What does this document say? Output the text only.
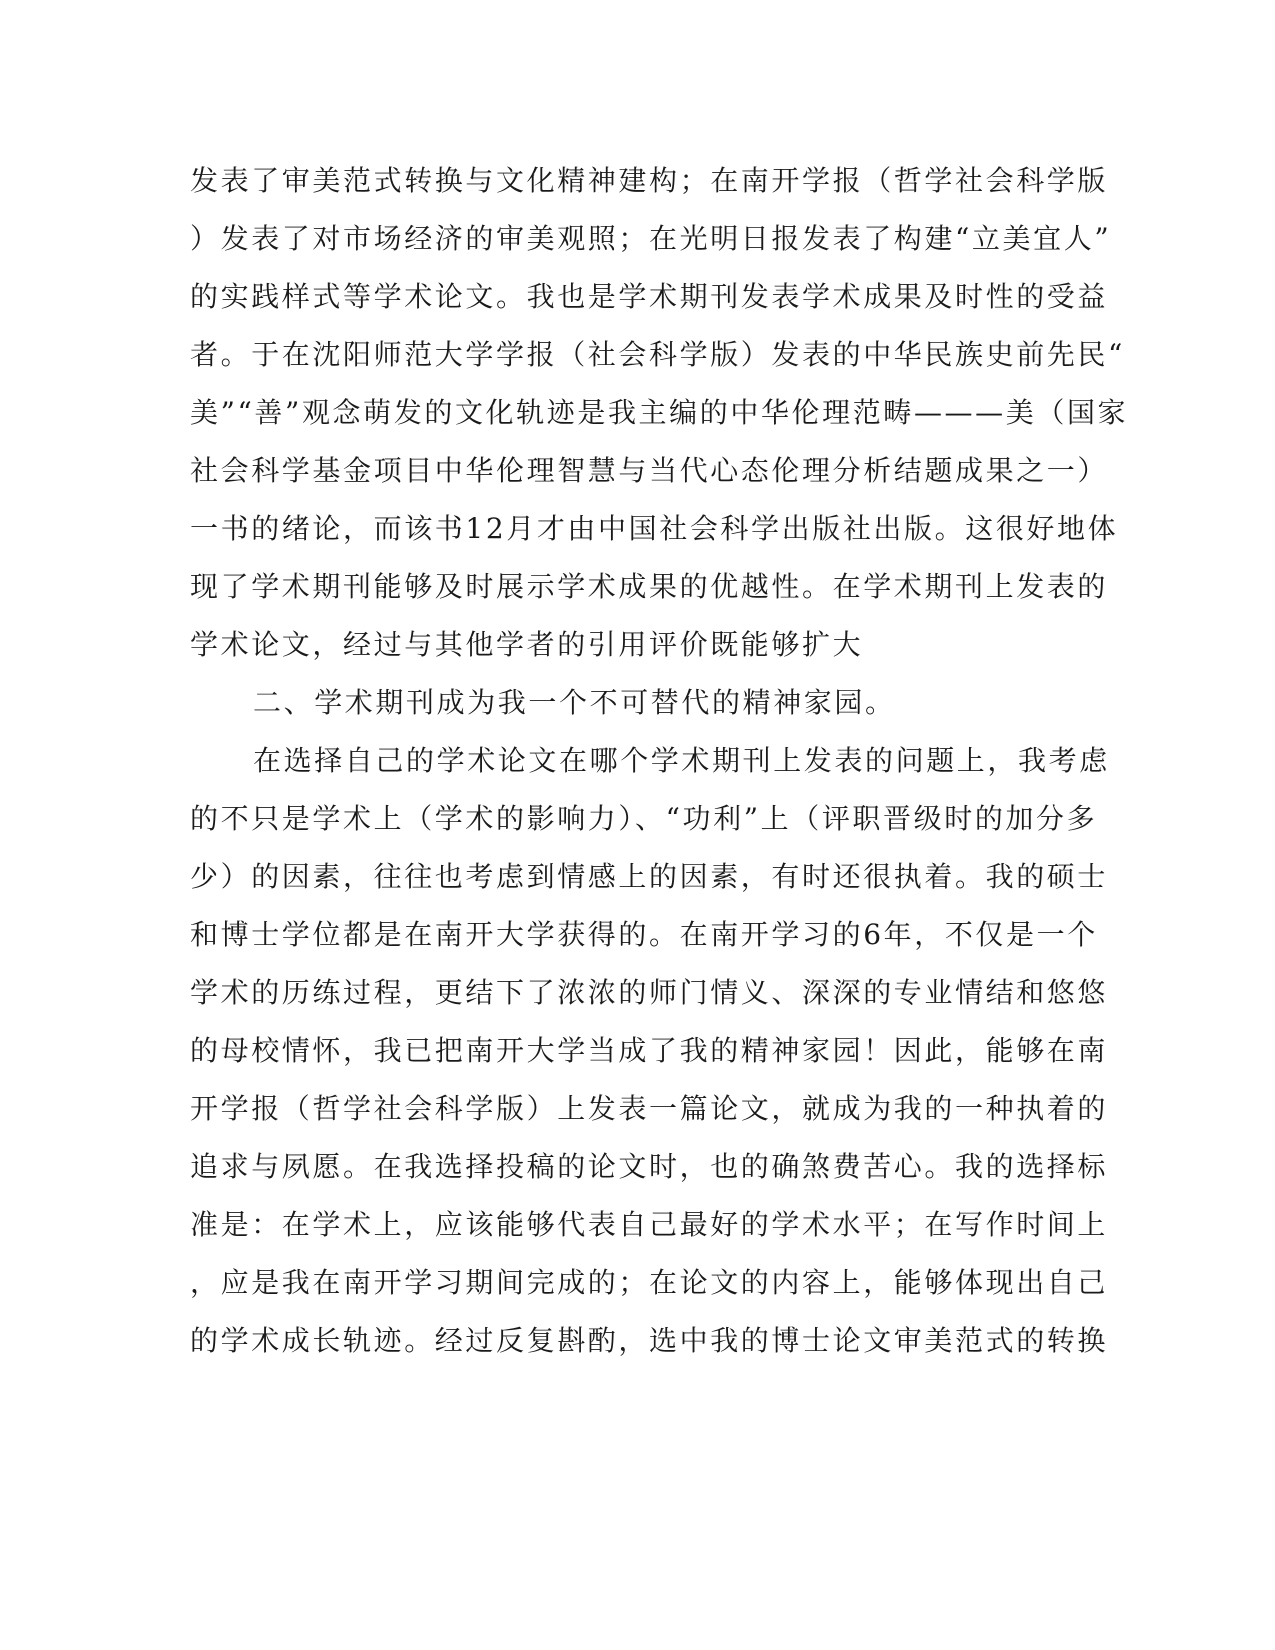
发表了审美范式转换与文化精神建构；在南开学报（哲学社会科学版
）发表了对市场经济的审美观照；在光明日报发表了构建“立美宜人”
的实践样式等学术论文。我也是学术期刊发表学术成果及时性的受益
者。于在沈阳师范大学学报（社会科学版）发表的中华民族史前先民“
美”“善”观念萌发的文化轨迹是我主编的中华伦理范畴———美（国家
社会科学基金项目中华伦理智慧与当代心态伦理分析结题成果之一）
一书的绪论，而该书12月才由中国社会科学出版社出版。这很好地体
现了学术期刊能够及时展示学术成果的优越性。在学术期刊上发表的
学术论文，经过与其他学者的引用评价既能够扩大
二、学术期刊成为我一个不可替代的精神家园。
在选择自己的学术论文在哪个学术期刊上发表的问题上，我考虑
的不只是学术上（学术的影响力）、“功利”上（评职晋级时的加分多
少）的因素，往往也考虑到情感上的因素，有时还很执着。我的硕士
和博士学位都是在南开大学获得的。在南开学习的6年，不仅是一个
学术的历练过程，更结下了浓浓的师门情义、深深的专业情结和悠悠
的母校情怀，我已把南开大学当成了我的精神家园！因此，能够在南
开学报（哲学社会科学版）上发表一篇论文，就成为我的一种执着的
追求与夙愿。在我选择投稿的论文时，也的确煞费苦心。我的选择标
准是：在学术上，应该能够代表自己最好的学术水平；在写作时间上
，应是我在南开学习期间完成的；在论文的内容上，能够体现出自己
的学术成长轨迹。经过反复斟酌，选中我的博士论文审美范式的转换
